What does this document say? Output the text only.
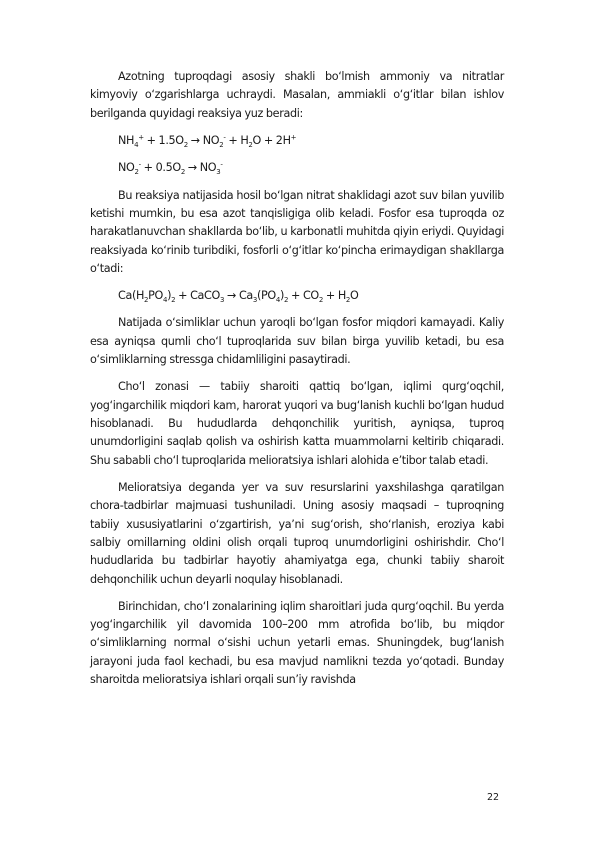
Azotning tuproqdagi asosiy shakli bo‘lmish ammoniy va nitratlar kimyoviy o‘zgarishlarga uchraydi. Masalan, ammiakli o‘g‘itlar bilan ishlov berilganda quyidagi reaksiya yuz beradi:

$NH_4^+ + 1.5O_2 \to NO_2^- + H_2O + 2H^+$

$NO_2^- + 0.5O_2 \to NO_3^-$

Bu reaksiya natijasida hosil bo‘lgan nitrat shaklidagi azot suv bilan yuvilib ketishi mumkin, bu esa azot tanqisligiga olib keladi. Fosfor esa tuproqda oz harakatlanuvchan shakllarda bo‘lib, u karbonatli muhitda qiyin eriydi. Quyidagi reaksiyada ko‘rinib turibdiki, fosforli o‘g‘itlar ko‘pincha erimaydigan shakllarga o‘tadi:

$Ca(H_2PO_4)_2$ + CaCO$_3$ → $Ca_3(PO_4)_2 + CO_2 + H_2O$

Natijada o‘simliklar uchun yaroqli bo‘lgan fosfor miqdori kamayadi. Kaliy esa ayniqsa qumli cho‘l tuproqlarida suv bilan birga yuvilib ketadi, bu esa o‘simliklarning stressga chidamliligini pasaytiradi.

Cho‘l zonasi — tabiiy sharoiti qattiq bo‘lgan, iqlimi qurg‘oqchil, yog‘ingarchilik miqdori kam, harorat yuqori va bug‘lanish kuchli bo‘lgan hudud hisoblanadi. Bu hududlarda dehqonchilik yuritish, ayniqsa, tuproq unumdorligini saqlab qolish va oshirish katta muammolarni keltirib chiqaradi. Shu sababli cho‘l tuproqlarida melioratsiya ishlari alohida e’tibor talab etadi.

Melioratsiya deganda yer va suv resurslarini yaxshilashga qaratilgan chora-tadbirlar majmuasi tushuniladi. Uning asosiy maqsadi – tuproqning tabiiy xususiyatlarini o‘zgartirish, ya’ni sug‘orish, sho‘rlanish, eroziya kabi salbiy omillarning oldini olish orqali tuproq unumdorligini oshirishdir. Cho‘l hududlarida bu tadbirlar hayotiy ahamiyatga ega, chunki tabiiy sharoit dehqonchilik uchun deyarli noqulay hisoblanadi.

Birinchidan, cho‘l zonalarining iqlim sharoitlari juda qurg‘oqchil. Bu yerda yog‘ingarchilik yil davomida 100–200 mm atrofida bo‘lib, bu miqdor o‘simliklarning normal o‘sishi uchun yetarli emas. Shuningdek, bug‘lanish jarayoni juda faol kechadi, bu esa mavjud namlikni tezda yo‘qotadi. Bunday sharoitda melioratsiya ishlari orqali sun’iy ravishda

22
